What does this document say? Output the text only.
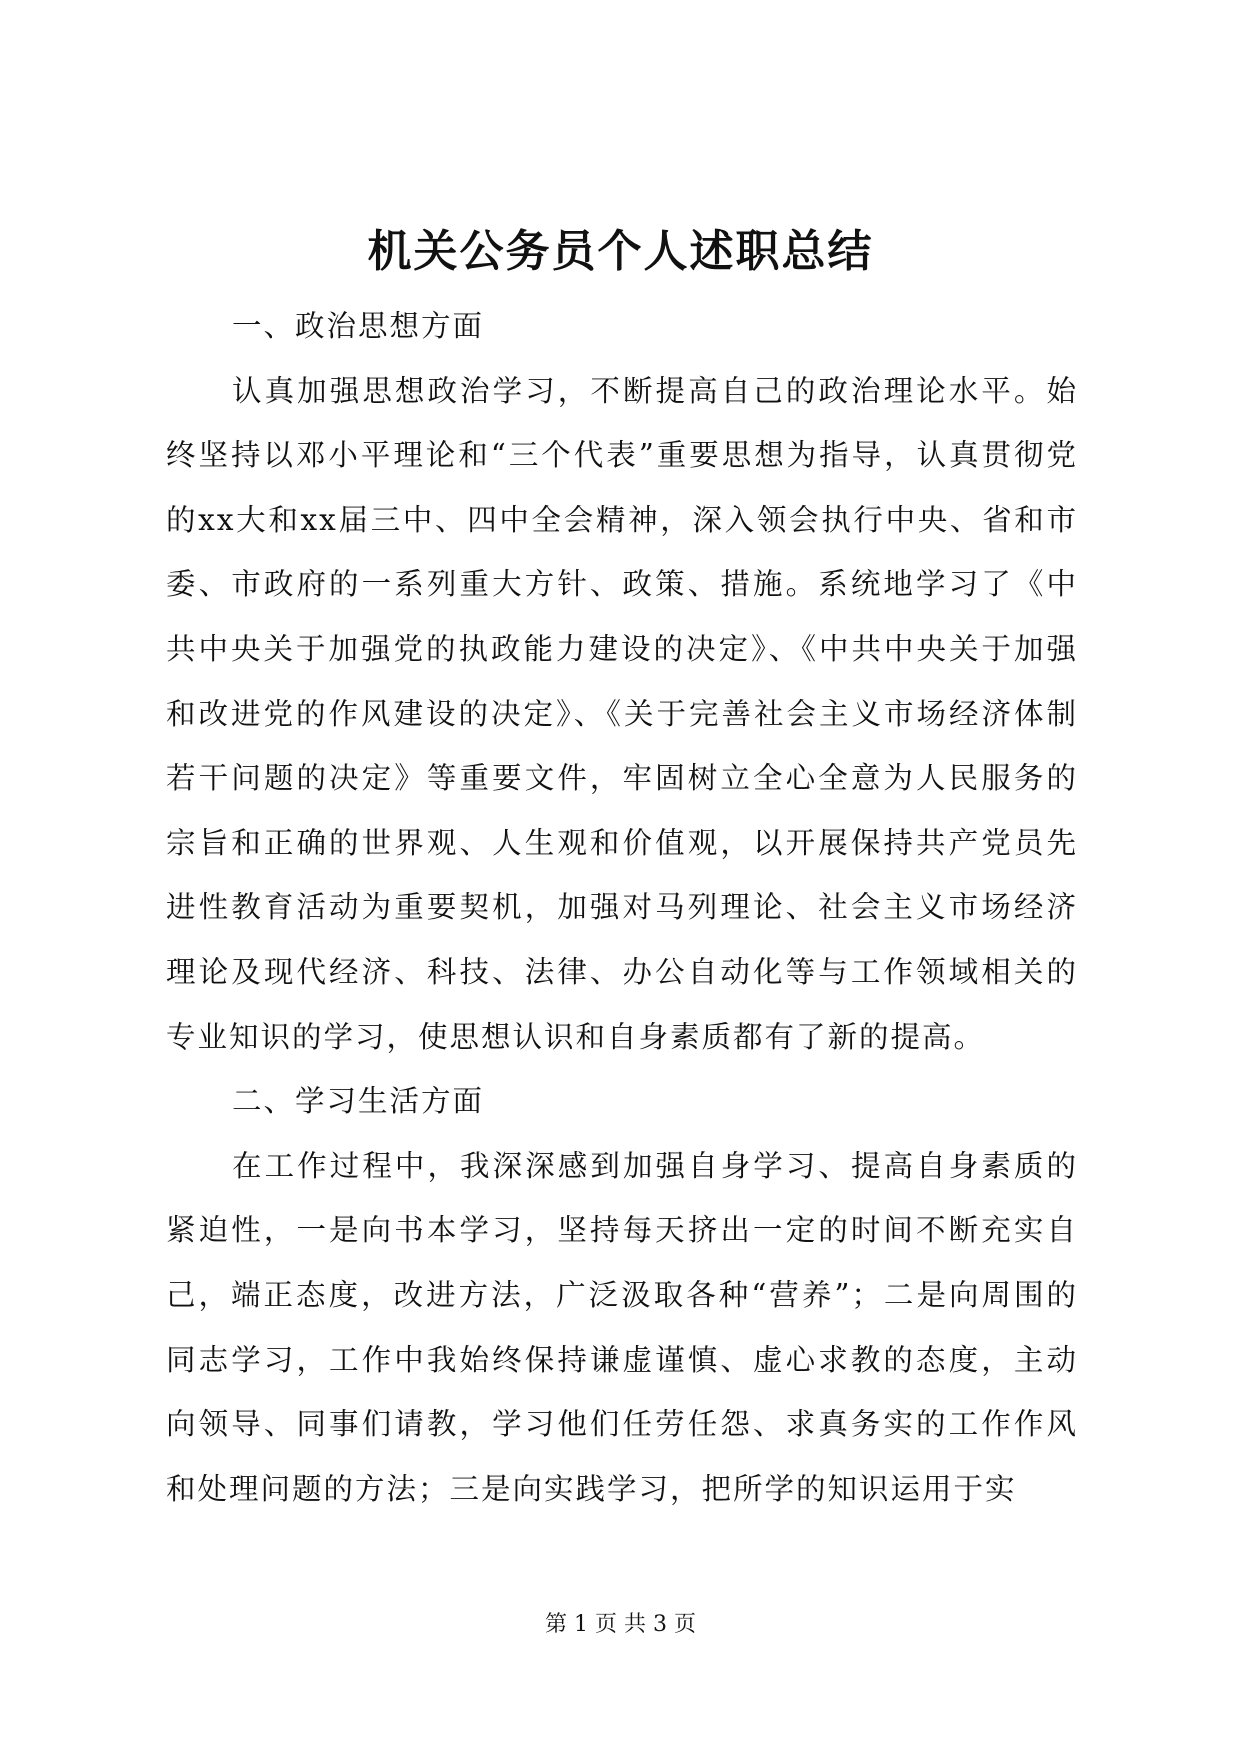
机关公务员个人述职总结

一、政治思想方面

认真加强思想政治学习，不断提高自己的政治理论水平。始终坚持以邓小平理论和“三个代表”重要思想为指导，认真贯彻党的xx大和xx届三中、四中全会精神，深入领会执行中央、省和市委、市政府的一系列重大方针、政策、措施。系统地学习了《中共中央关于加强党的执政能力建设的决定》、《中共中央关于加强和改进党的作风建设的决定》、《关于完善社会主义市场经济体制若干问题的决定》等重要文件，牢固树立全心全意为人民服务的宗旨和正确的世界观、人生观和价值观，以开展保持共产党员先进性教育活动为重要契机，加强对马列理论、社会主义市场经济理论及现代经济、科技、法律、办公自动化等与工作领域相关的专业知识的学习，使思想认识和自身素质都有了新的提高。

二、学习生活方面

在工作过程中，我深深感到加强自身学习、提高自身素质的紧迫性，一是向书本学习，坚持每天挤出一定的时间不断充实自己，端正态度，改进方法，广泛汲取各种“营养”；二是向周围的同志学习，工作中我始终保持谦虚谨慎、虚心求教的态度，主动向领导、同事们请教，学习他们任劳任怨、求真务实的工作作风和处理问题的方法；三是向实践学习，把所学的知识运用于实

第 1 页 共 3 页
